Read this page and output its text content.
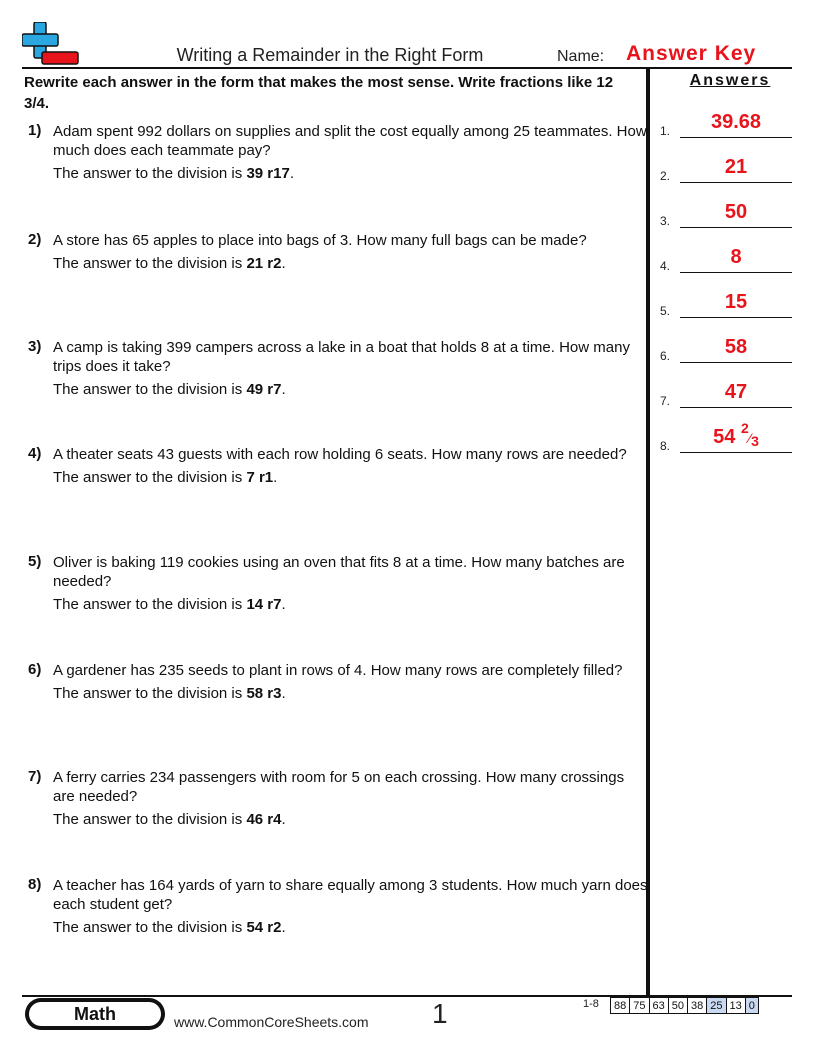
Writing a Remainder in the Right Form	Name: Answer Key
Rewrite each answer in the form that makes the most sense. Write fractions like 12 3/4.
Answers
1) Adam spent 992 dollars on supplies and split the cost equally among 25 teammates. How much does each teammate pay?
The answer to the division is 39 r17.
2) A store has 65 apples to place into bags of 3. How many full bags can be made?
The answer to the division is 21 r2.
3) A camp is taking 399 campers across a lake in a boat that holds 8 at a time. How many trips does it take?
The answer to the division is 49 r7.
4) A theater seats 43 guests with each row holding 6 seats. How many rows are needed?
The answer to the division is 7 r1.
5) Oliver is baking 119 cookies using an oven that fits 8 at a time. How many batches are needed?
The answer to the division is 14 r7.
6) A gardener has 235 seeds to plant in rows of 4. How many rows are completely filled?
The answer to the division is 58 r3.
7) A ferry carries 234 passengers with room for 5 on each crossing. How many crossings are needed?
The answer to the division is 46 r4.
8) A teacher has 164 yards of yarn to share equally among 3 students. How much yarn does each student get?
The answer to the division is 54 r2.
1.	39.68
2.	21
3.	50
4.	8
5.	15
6.	58
7.	47
8.	54 $^2⁄_3$
Math	www.CommonCoreSheets.com 1	1-8 88	75	63	50	38	25	13	0
